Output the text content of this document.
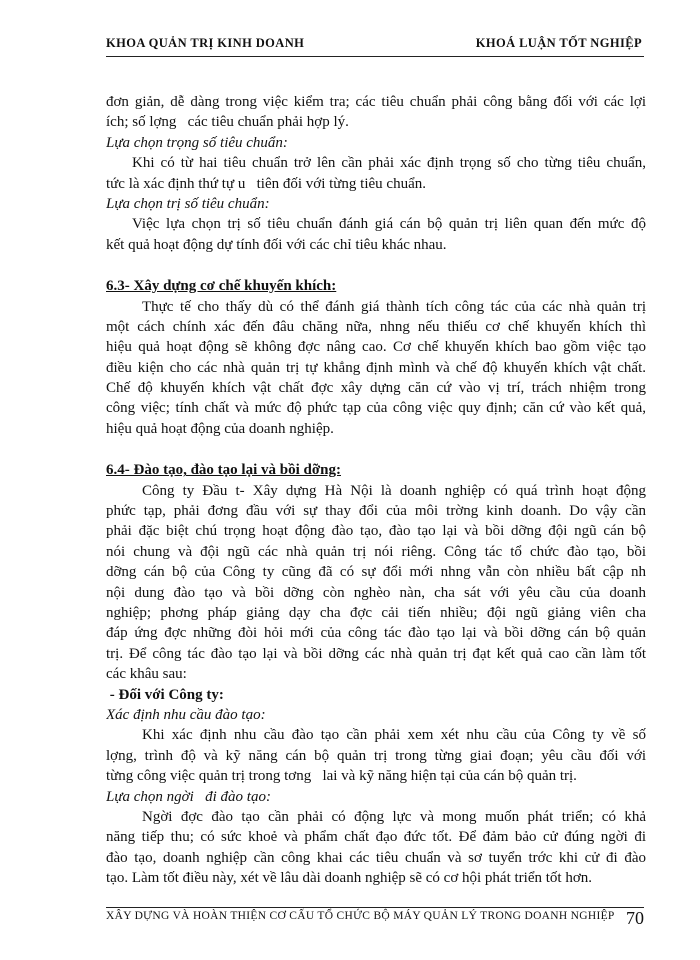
KHOA QUẢN TRỊ KINH DOANH	KHOÁ LUẬN TỐT NGHIỆP
đơn giản, dễ dàng trong việc kiểm tra; các tiêu chuẩn phải công bằng đối với các lợi
ích; số lợng   các tiêu chuẩn phải hợp lý.
Lựa chọn trọng số tiêu chuẩn:
Khi có từ hai tiêu chuẩn trở lên cần phải xác định trọng số cho từng tiêu chuẩn,
tức là xác định thứ tự u   tiên đối với từng tiêu chuẩn.
Lựa chọn trị số tiêu chuẩn:
Việc lựa chọn trị số tiêu chuẩn đánh giá cán bộ quản trị liên quan đến mức độ
kết quả hoạt động dự tính đối với các chỉ tiêu khác nhau.
6.3- Xây dựng cơ chế khuyến khích:
Thực tế cho thấy dù có thể đánh giá thành tích công tác của các nhà quản trị
một cách chính xác đến đâu chăng nữa, nhng nếu thiếu cơ chế khuyến khích thì
hiệu quả hoạt động sẽ không đợc nâng cao. Cơ chế khuyến khích bao gồm việc tạo
điều kiện cho các nhà quản trị tự khẳng định mình và chế độ khuyến khích vật chất.
Chế độ khuyến khích vật chất đợc xây dựng căn cứ vào vị trí, trách nhiệm trong
công việc; tính chất và mức độ phức tạp của công việc quy định; căn cứ vào kết quả,
hiệu quả hoạt động của doanh nghiệp.
6.4- Đào tạo, đào tạo lại và bồi dỡng:
Công ty Đầu t- Xây dựng Hà Nội là doanh nghiệp có quá trình hoạt động
phức tạp, phải đơng đầu với sự thay đổi của môi trờng kinh doanh. Do vậy cần
phải đặc biệt chú trọng hoạt động đào tạo, đào tạo lại và bồi dỡng đội ngũ cán bộ
nói chung và đội ngũ các nhà quản trị nói riêng. Công tác tổ chức đào tạo, bồi
dỡng cán bộ của Công ty cũng đã có sự đổi mới nhng vẫn còn nhiều bất cập nh
nội dung đào tạo và bồi dỡng còn nghèo nàn, cha sát với yêu cầu của doanh
nghiệp; phơng pháp giảng dạy cha đợc cải tiến nhiều; đội ngũ giảng viên cha
đáp ứng đợc những đòi hỏi mới của công tác đào tạo lại và bồi dỡng cán bộ quản
trị. Để công tác đào tạo lại và bồi dỡng các nhà quản trị đạt kết quả cao cần làm tốt
các khâu sau:
- Đối với Công ty:
Xác định nhu cầu đào tạo:
Khi xác định nhu cầu đào tạo cần phải xem xét nhu cầu của Công ty về số
lợng, trình độ và kỹ năng cán bộ quản trị trong từng giai đoạn; yêu cầu đối với
từng công việc quản trị trong tơng   lai và kỹ năng hiện tại của cán bộ quản trị.
Lựa chọn ngời   đi đào tạo:
Ngời đợc đào tạo cần phải có động lực và mong muốn phát triển; có khả
năng tiếp thu; có sức khoẻ và phẩm chất đạo đức tốt. Để đảm bảo cử đúng ngời đi
đào tạo, doanh nghiệp cần công khai các tiêu chuẩn và sơ tuyển trớc khi cử đi đào
tạo. Làm tốt điều này, xét về lâu dài doanh nghiệp sẽ có cơ hội phát triển tốt hơn.
XÂY DỰNG VÀ HOÀN THIỆN CƠ CẤU TỔ CHỨC BỘ MÁY QUẢN LÝ TRONG DOANH NGHIỆP 70
